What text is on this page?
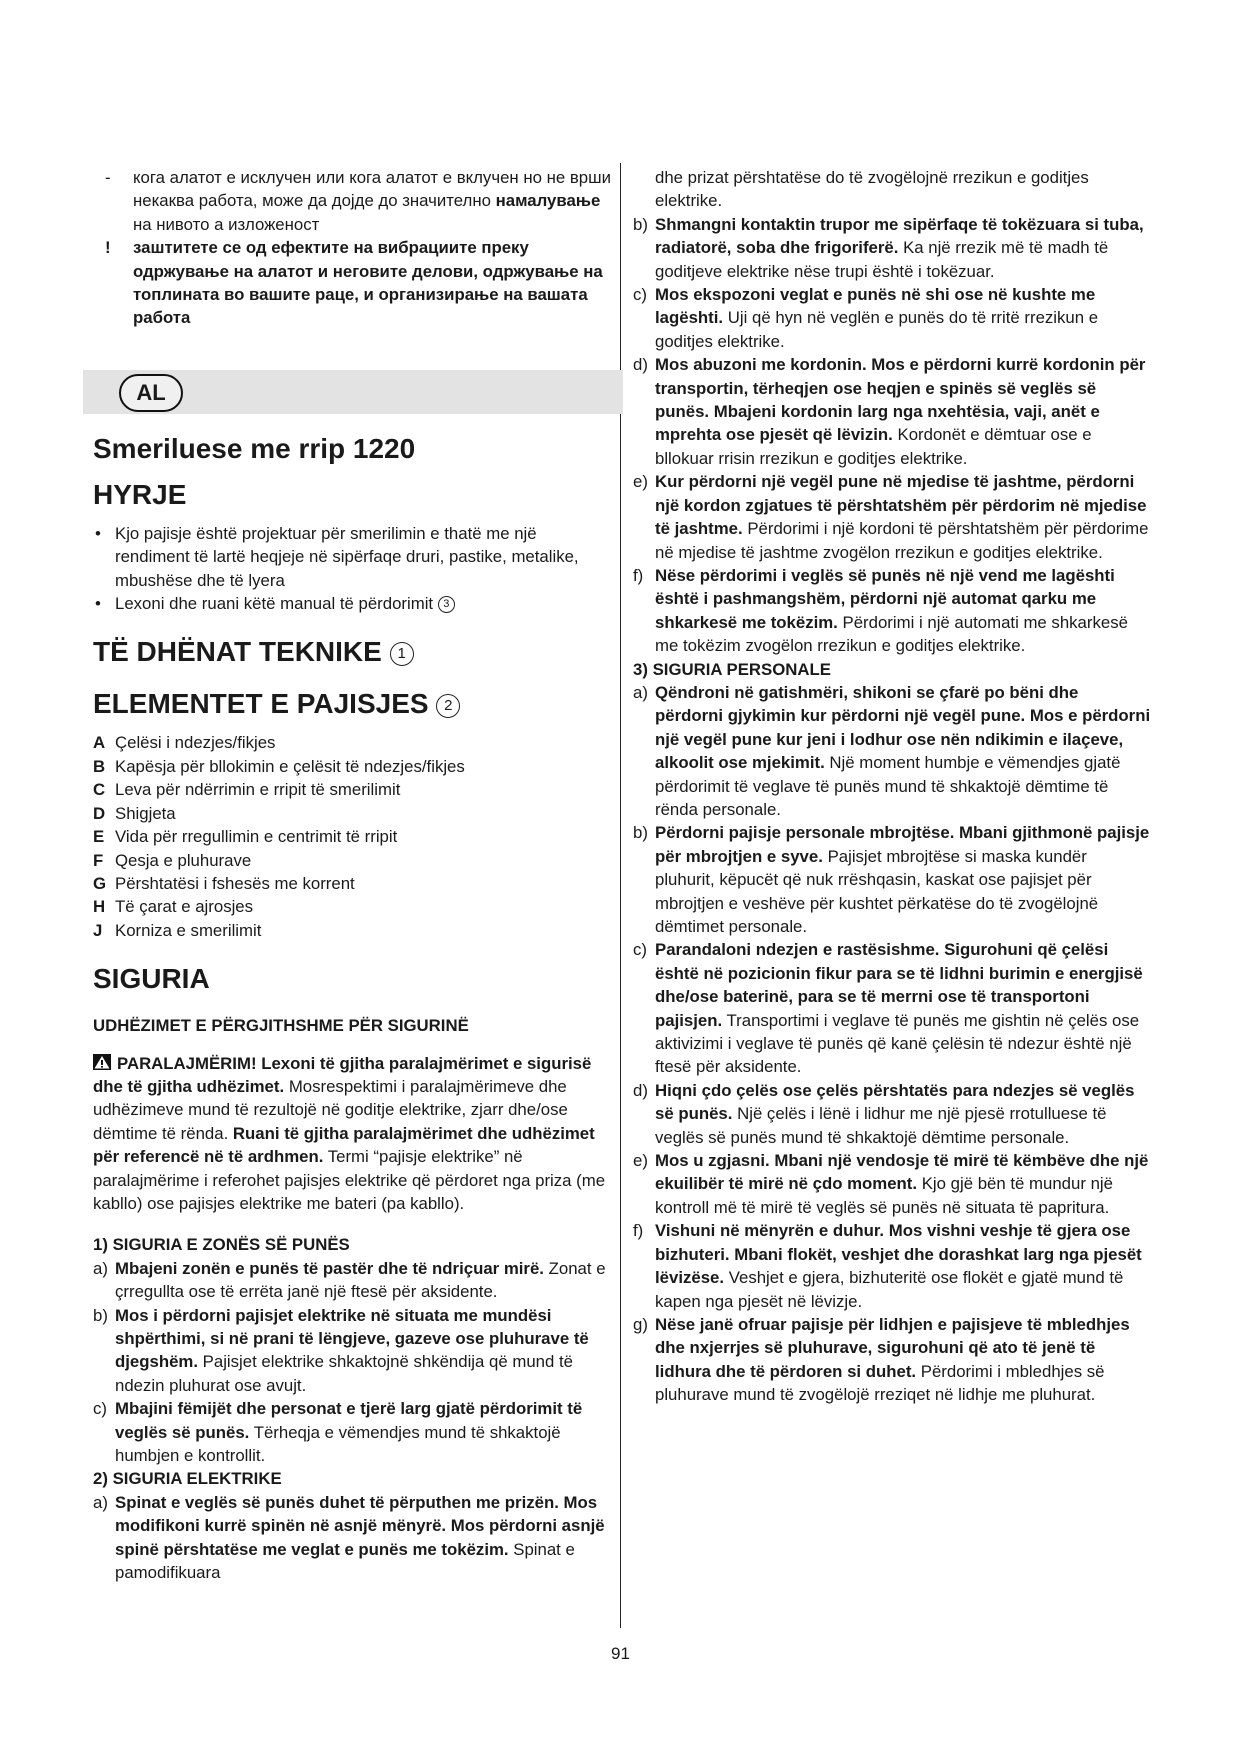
- кога алатот е исклучен или кога алатот е вклучен но не врши некаква работа, може да дојде до значително намалување на нивото а изложеност

! заштитете се од ефектите на вибрациите преку одржување на алатот и неговите делови, одржување на топлината во вашите раце, и организирање на вашата работа

AL
Smeriluese me rrip 1220
HYRJE

• Kjo pajisje është projektuar për smerilimin e thatë me një rendiment të lartë heqjeje në sipërfaqe druri, pastike, metalike, mbushëse dhe të lyera

• Lexoni dhe ruani këtë manual të përdorimit 3

TË DHËNAT TEKNIKE 1
ELEMENTET E PAJISJES 2

A Çelësi i ndezjes/fikjes

B Kapësja për bllokimin e çelësit të ndezjes/fikjes

C Leva për ndërrimin e rripit të smerilimit

D Shigjeta

E Vida për rregullimin e centrimit të rripit

F Qesja e pluhurave

G Përshtatësi i fshesës me korrent

H Të çarat e ajrosjes

J Korniza e smerilimit

SIGURIA
UDHËZIMET E PËRGJITHSHME PËR SIGURINË

PARALAJMËRIM! Lexoni të gjitha paralajmërimet e sigurisë dhe të gjitha udhëzimet. Mosrespektimi i paralajmërimeve dhe udhëzimeve mund të rezultojë në goditje elektrike, zjarr dhe/ose dëmtime të rënda. Ruani të gjitha paralajmërimet dhe udhëzimet për referencë në të ardhmen. Termi “pajisje elektrike” në paralajmërime i referohet pajisjes elektrike që përdoret nga priza (me kabllo) ose pajisjes elektrike me bateri (pa kabllo).

1) SIGURIA E ZONËS SË PUNËS

a) Mbajeni zonën e punës të pastër dhe të ndriçuar mirë. Zonat e çrregullta ose të errëta janë një ftesë për aksidente.

b) Mos i përdorni pajisjet elektrike në situata me mundësi shpërthimi, si në prani të lëngjeve, gazeve ose pluhurave të djegshëm. Pajisjet elektrike shkaktojnë shkëndija që mund të ndezin pluhurat ose avujt.

c) Mbajini fëmijët dhe personat e tjerë larg gjatë përdorimit të veglës së punës. Tërheqja e vëmendjes mund të shkaktojë humbjen e kontrollit.

2) SIGURIA ELEKTRIKE

a) Spinat e veglës së punës duhet të përputhen me prizën. Mos modifikoni kurrë spinën në asnjë mënyrë. Mos përdorni asnjë spinë përshtatëse me veglat e punës me tokëzim. Spinat e pamodifikuara

dhe prizat përshtatëse do të zvogëlojnë rrezikun e goditjes elektrike.

b) Shmangni kontaktin trupor me sipërfaqe të tokëzuara si tuba, radiatorë, soba dhe frigoriferë. Ka një rrezik më të madh të goditjeve elektrike nëse trupi është i tokëzuar.

c) Mos ekspozoni veglat e punës në shi ose në kushte me lagështi. Uji që hyn në veglën e punës do të rritë rrezikun e goditjes elektrike.

d) Mos abuzoni me kordonin. Mos e përdorni kurrë kordonin për transportin, tërheqjen ose heqjen e spinës së veglës së punës. Mbajeni kordonin larg nga nxehtësia, vaji, anët e mprehta ose pjesët që lëvizin. Kordonët e dëmtuar ose e bllokuar rrisin rrezikun e goditjes elektrike.

e) Kur përdorni një vegël pune në mjedise të jashtme, përdorni një kordon zgjatues të përshtatshëm për përdorim në mjedise të jashtme. Përdorimi i një kordoni të përshtatshëm për përdorime në mjedise të jashtme zvogëlon rrezikun e goditjes elektrike.

f) Nëse përdorimi i veglës së punës në një vend me lagështi është i pashmangshëm, përdorni një automat qarku me shkarkesë me tokëzim. Përdorimi i një automati me shkarkesë me tokëzim zvogëlon rrezikun e goditjes elektrike.

3) SIGURIA PERSONALE

a) Qëndroni në gatishmëri, shikoni se çfarë po bëni dhe përdorni gjykimin kur përdorni një vegël pune. Mos e përdorni një vegël pune kur jeni i lodhur ose nën ndikimin e ilaçeve, alkoolit ose mjekimit. Një moment humbje e vëmendjes gjatë përdorimit të veglave të punës mund të shkaktojë dëmtime të rënda personale.

b) Përdorni pajisje personale mbrojtëse. Mbani gjithmonë pajisje për mbrojtjen e syve. Pajisjet mbrojtëse si maska kundër pluhurit, këpucët që nuk rrëshqasin, kaskat ose pajisjet për mbrojtjen e veshëve për kushtet përkatëse do të zvogëlojnë dëmtimet personale.

c) Parandaloni ndezjen e rastësishme. Sigurohuni që çelësi është në pozicionin fikur para se të lidhni burimin e energjisë dhe/ose baterinë, para se të merrni ose të transportoni pajisjen. Transportimi i veglave të punës me gishtin në çelës ose aktivizimi i veglave të punës që kanë çelësin të ndezur është një ftesë për aksidente.

d) Hiqni çdo çelës ose çelës përshtatës para ndezjes së veglës së punës. Një çelës i lënë i lidhur me një pjesë rrotulluese të veglës së punës mund të shkaktojë dëmtime personale.

e) Mos u zgjasni. Mbani një vendosje të mirë të këmbëve dhe një ekuilibër të mirë në çdo moment. Kjo gjë bën të mundur një kontroll më të mirë të veglës së punës në situata të papritura.

f) Vishuni në mënyrën e duhur. Mos vishni veshje të gjera ose bizhuteri. Mbani flokët, veshjet dhe dorashkat larg nga pjesët lëvizëse. Veshjet e gjera, bizhuteritë ose flokët e gjatë mund të kapen nga pjesët në lëvizje.

g) Nëse janë ofruar pajisje për lidhjen e pajisjeve të mbledhjes dhe nxjerrjes së pluhurave, sigurohuni që ato të jenë të lidhura dhe të përdoren si duhet. Përdorimi i mbledhjes së pluhurave mund të zvogëlojë rreziqet në lidhje me pluhurat.

91
